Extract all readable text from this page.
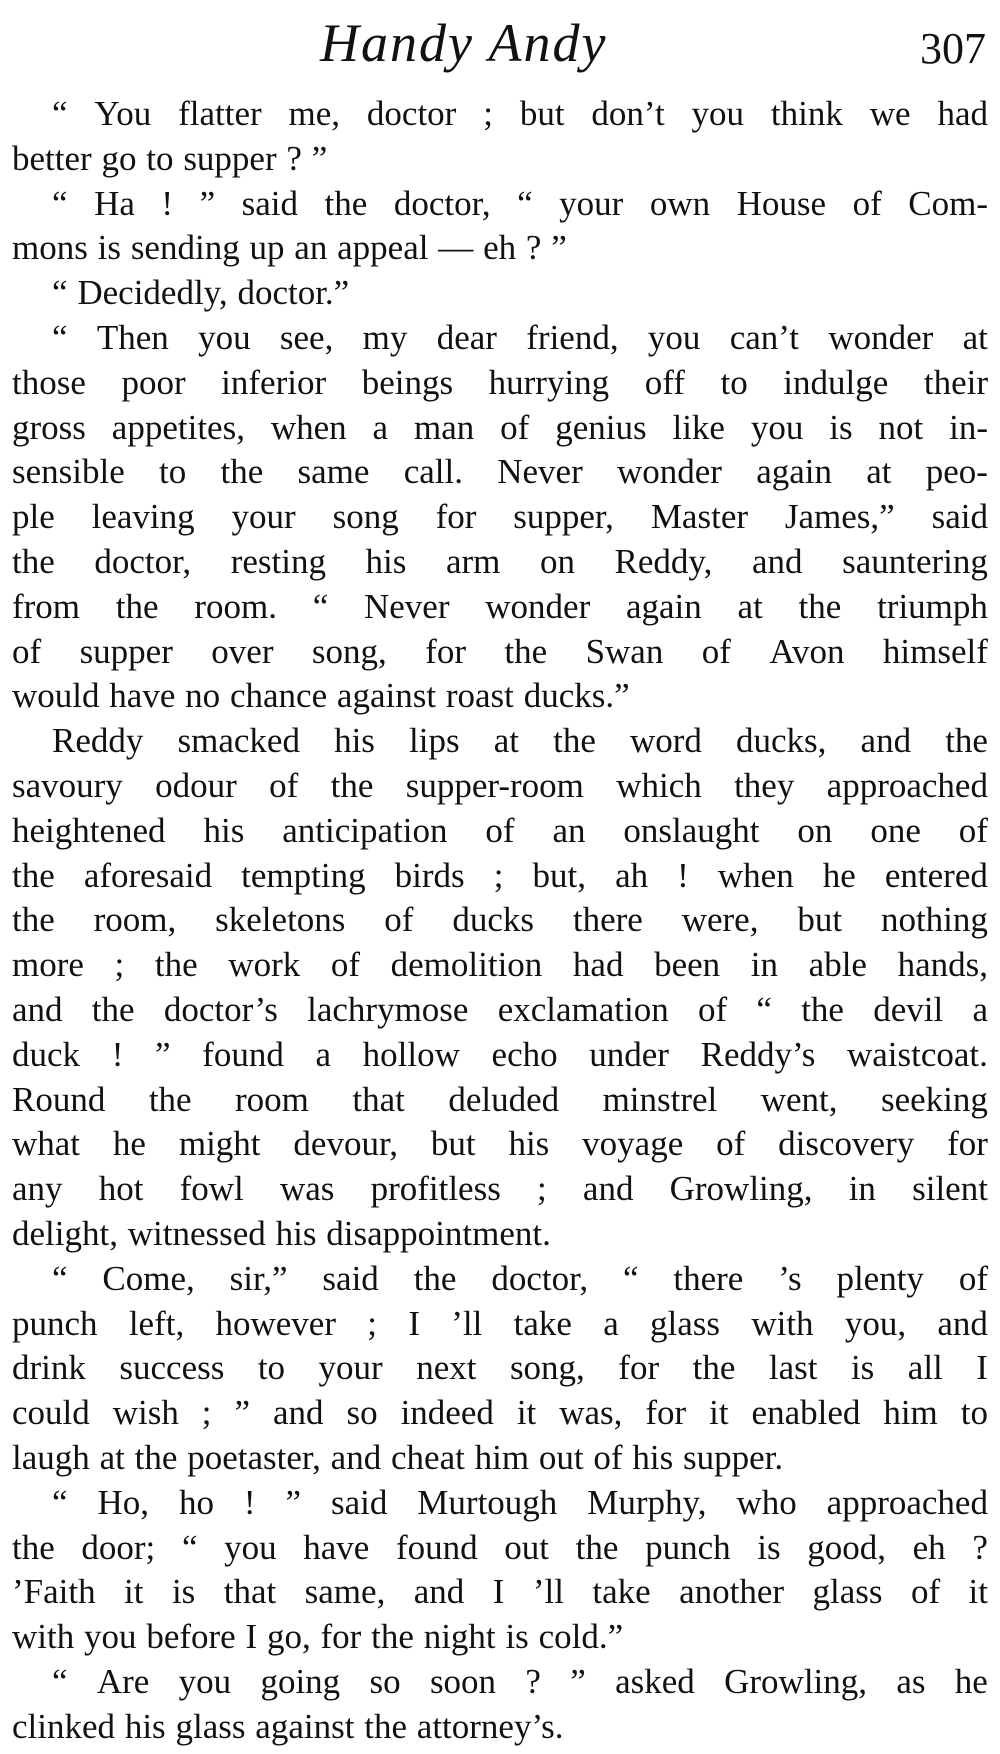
Handy Andy	307
“ You flatter me, doctor ; but don’t you think we had
better go to supper ? ”
“ Ha ! ” said the doctor, “ your own House of Com-
mons is sending up an appeal — eh ? ”
“ Decidedly, doctor.”
“ Then you see, my dear friend, you can’t wonder at
those poor inferior beings hurrying off to indulge their
gross appetites, when a man of genius like you is not in-
sensible to the same call. Never wonder again at peo-
ple leaving your song for supper, Master James,” said
the doctor, resting his arm on Reddy, and sauntering
from the room. “ Never wonder again at the triumph
of supper over song, for the Swan of Avon himself
would have no chance against roast ducks.”
Reddy smacked his lips at the word ducks, and the
savoury odour of the supper-room which they approached
heightened his anticipation of an onslaught on one of
the aforesaid tempting birds ; but, ah ! when he entered
the room, skeletons of ducks there were, but nothing
more ; the work of demolition had been in able hands,
and the doctor’s lachrymose exclamation of “ the devil a
duck ! ” found a hollow echo under Reddy’s waistcoat.
Round the room that deluded minstrel went, seeking
what he might devour, but his voyage of discovery for
any hot fowl was profitless ; and Growling, in silent
delight, witnessed his disappointment.
“ Come, sir,” said the doctor, “ there ’s plenty of
punch left, however ; I ’ll take a glass with you, and
drink success to your next song, for the last is all I
could wish ; ” and so indeed it was, for it enabled him to
laugh at the poetaster, and cheat him out of his supper.
“ Ho, ho ! ” said Murtough Murphy, who approached
the door; “ you have found out the punch is good, eh ?
’Faith it is that same, and I ’ll take another glass of it
with you before I go, for the night is cold.”
“ Are you going so soon ? ” asked Growling, as he
clinked his glass against the attorney’s.
